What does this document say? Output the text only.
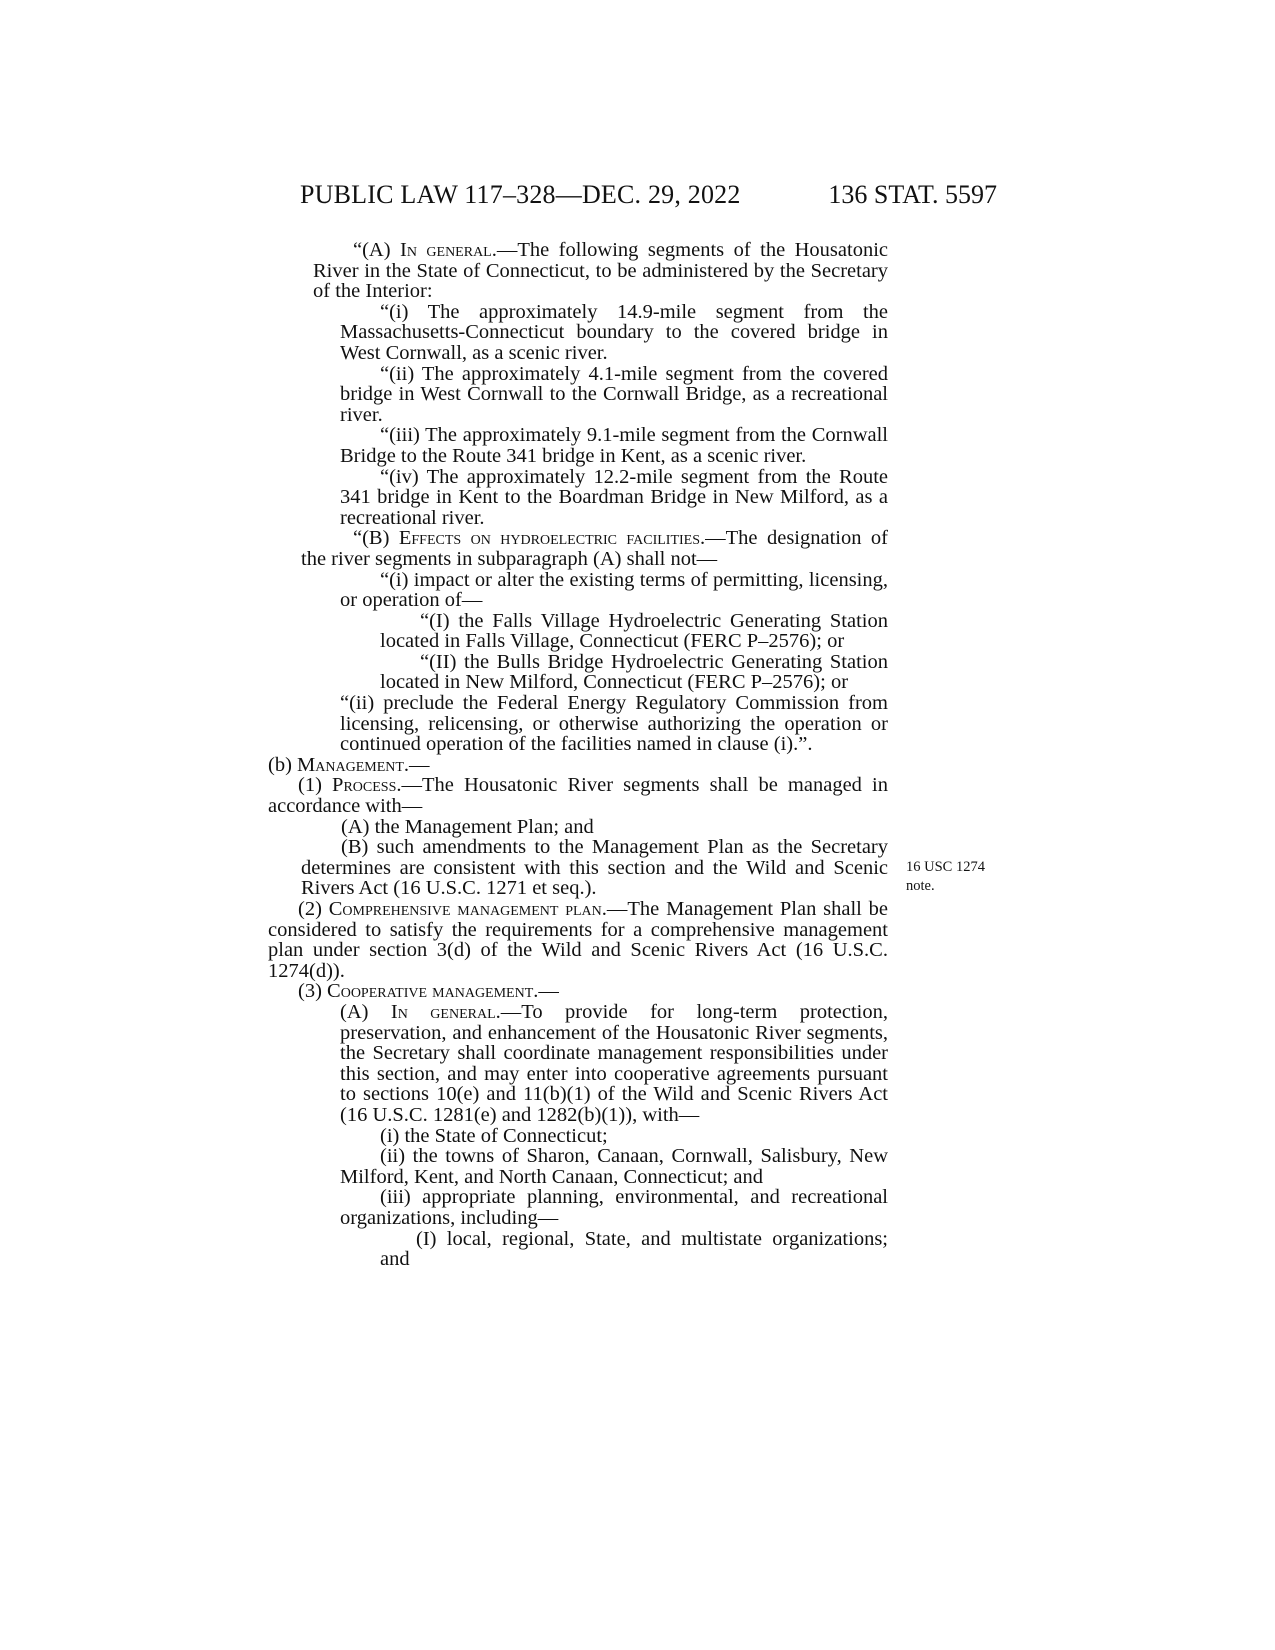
PUBLIC LAW 117–328—DEC. 29, 2022	136 STAT. 5597
16 USC 1274
note.

“(A) In general.—The following segments of the Housatonic River in the State of Connecticut, to be administered by the Secretary of the Interior:

“(i) The approximately 14.9-mile segment from the Massachusetts-Connecticut boundary to the covered bridge in West Cornwall, as a scenic river.

“(ii) The approximately 4.1-mile segment from the covered bridge in West Cornwall to the Cornwall Bridge, as a recreational river.

“(iii) The approximately 9.1-mile segment from the Cornwall Bridge to the Route 341 bridge in Kent, as a scenic river.

“(iv) The approximately 12.2-mile segment from the Route 341 bridge in Kent to the Boardman Bridge in New Milford, as a recreational river.

“(B) Effects on hydroelectric facilities.—The designation of the river segments in subparagraph (A) shall not—

“(i) impact or alter the existing terms of permitting, licensing, or operation of—

“(I) the Falls Village Hydroelectric Generating Station located in Falls Village, Connecticut (FERC P–2576); or

“(II) the Bulls Bridge Hydroelectric Generating Station located in New Milford, Connecticut (FERC P–2576); or

“(ii) preclude the Federal Energy Regulatory Commission from licensing, relicensing, or otherwise authorizing the operation or continued operation of the facilities named in clause (i).”.

(b) Management.—

(1) Process.—The Housatonic River segments shall be managed in accordance with—

(A) the Management Plan; and

(B) such amendments to the Management Plan as the Secretary determines are consistent with this section and the Wild and Scenic Rivers Act (16 U.S.C. 1271 et seq.).

(2) Comprehensive management plan.—The Management Plan shall be considered to satisfy the requirements for a comprehensive management plan under section 3(d) of the Wild and Scenic Rivers Act (16 U.S.C. 1274(d)).

(3) Cooperative management.—

(A) In general.—To provide for long-term protection, preservation, and enhancement of the Housatonic River segments, the Secretary shall coordinate management responsibilities under this section, and may enter into cooperative agreements pursuant to sections 10(e) and 11(b)(1) of the Wild and Scenic Rivers Act (16 U.S.C. 1281(e) and 1282(b)(1)), with—

(i) the State of Connecticut;

(ii) the towns of Sharon, Canaan, Cornwall, Salisbury, New Milford, Kent, and North Canaan, Connecticut; and

(iii) appropriate planning, environmental, and recreational organizations, including—

(I) local, regional, State, and multistate organizations; and
